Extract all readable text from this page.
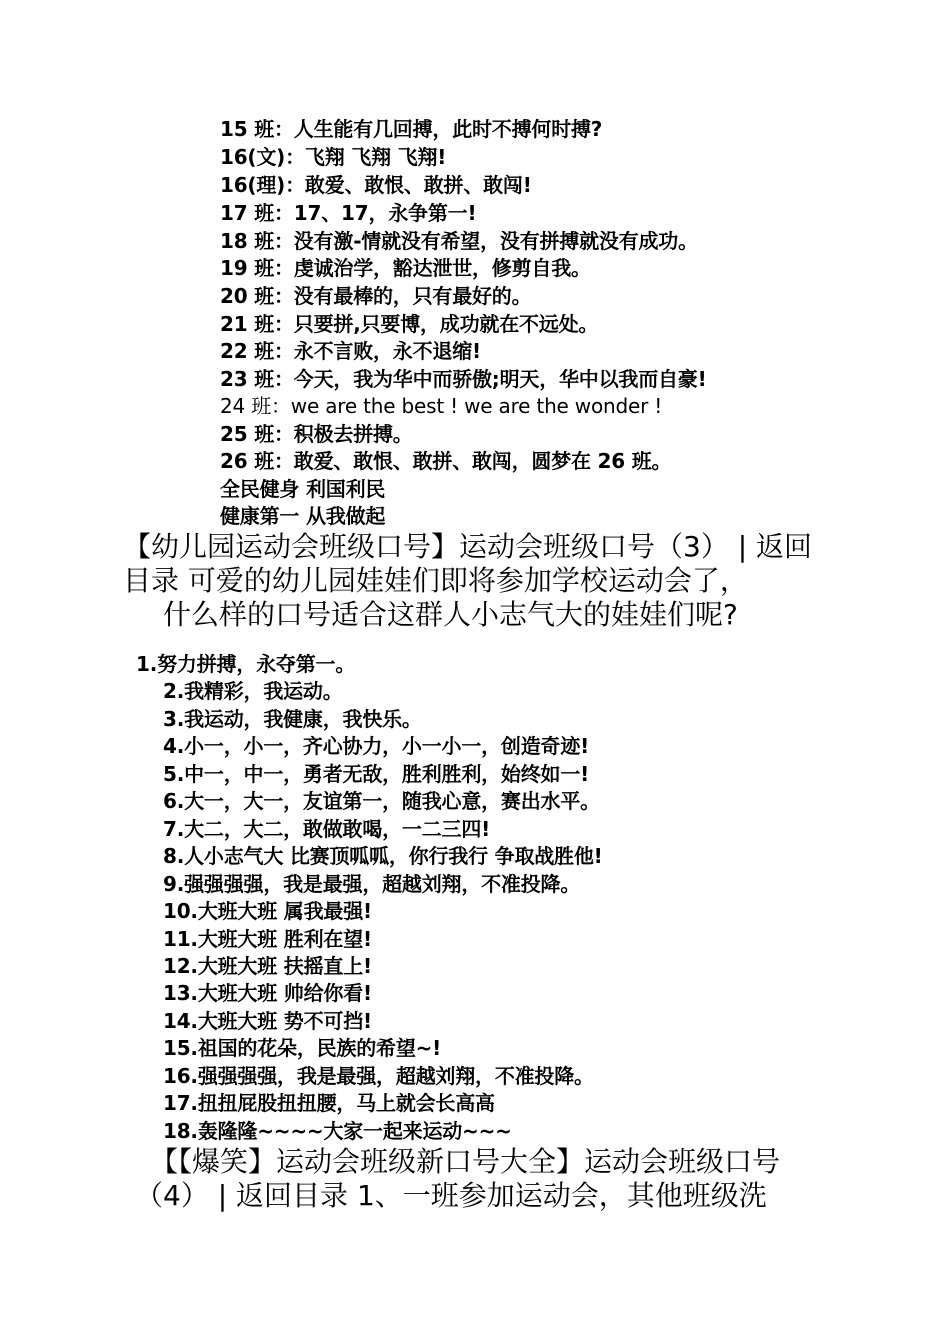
15 班：人生能有几回搏，此时不搏何时搏?
16(文)：飞翔 飞翔 飞翔!
16(理)：敢爱、敢恨、敢拼、敢闯!
17 班：17、17，永争第一!
18 班：没有激-情就没有希望，没有拼搏就没有成功。
19 班：虔诚治学，豁达泄世，修剪自我。
20 班：没有最棒的，只有最好的。
21 班：只要拼,只要博，成功就在不远处。
22 班：永不言败，永不退缩!
23 班：今天，我为华中而骄傲;明天，华中以我而自豪!
24 班：we are the best ! we are the wonder !
25 班：积极去拼搏。
26 班：敢爱、敢恨、敢拼、敢闯，圆梦在 26 班。
全民健身 利国利民
健康第一 从我做起
【幼儿园运动会班级口号】运动会班级口号（3） | 返回
目录 可爱的幼儿园娃娃们即将参加学校运动会了，
什么样的口号适合这群人小志气大的娃娃们呢?
1.努力拼搏，永夺第一。
2.我精彩，我运动。
3.我运动，我健康，我快乐。
4.小一，小一，齐心协力，小一小一，创造奇迹!
5.中一，中一，勇者无敌，胜利胜利，始终如一!
6.大一，大一，友谊第一，随我心意，赛出水平。
7.大二，大二，敢做敢喝，一二三四!
8.人小志气大 比赛顶呱呱，你行我行 争取战胜他!
9.强强强强，我是最强，超越刘翔，不准投降。
10.大班大班 属我最强!
11.大班大班 胜利在望!
12.大班大班 扶摇直上!
13.大班大班 帅给你看!
14.大班大班 势不可挡!
15.祖国的花朵，民族的希望~!
16.强强强强，我是最强，超越刘翔，不准投降。
17.扭扭屁股扭扭腰，马上就会长高高
18.轰隆隆~~~~大家一起来运动~~~
【【爆笑】运动会班级新口号大全】运动会班级口号
（4） | 返回目录 1、一班参加运动会，其他班级洗
